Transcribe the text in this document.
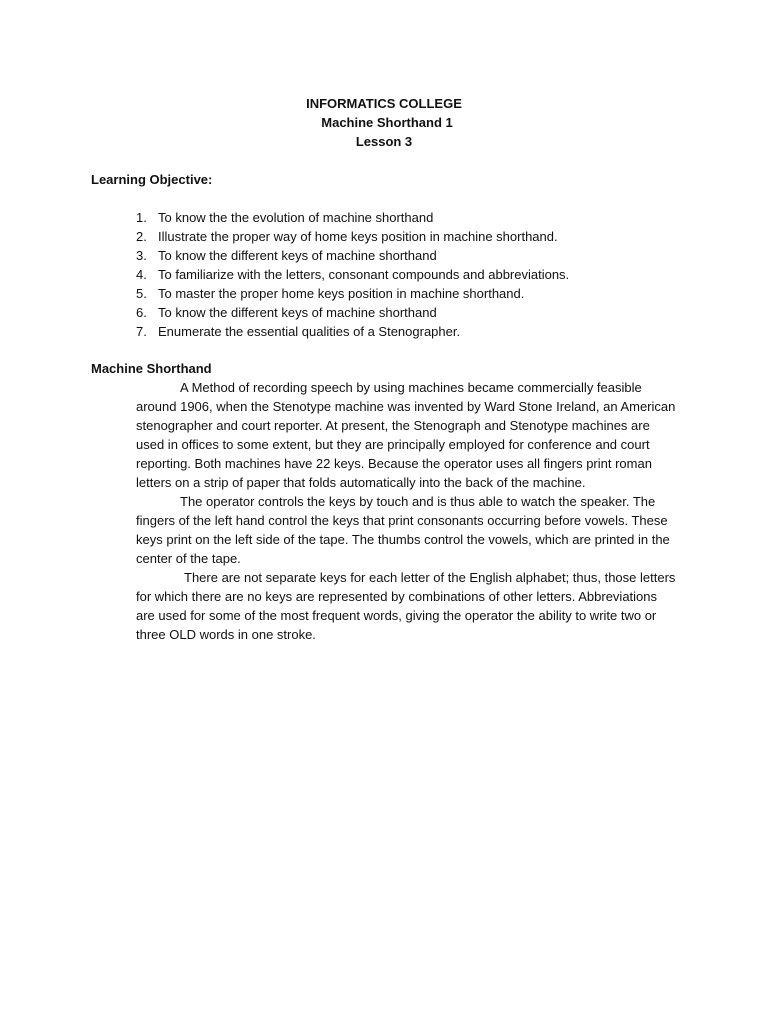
INFORMATICS COLLEGE
Machine Shorthand 1
Lesson 3
Learning Objective:
1. To know the the evolution of machine shorthand
2. Illustrate the proper way of home keys position in machine shorthand.
3. To know the different keys of machine shorthand
4. To familiarize with the letters, consonant compounds and abbreviations.
5. To master the proper home keys position in machine shorthand.
6. To know the different keys of machine shorthand
7. Enumerate the essential qualities of a Stenographer.
Machine Shorthand

A Method of recording speech by using machines became commercially feasible around 1906, when the Stenotype machine was invented by Ward Stone Ireland, an American stenographer and court reporter. At present, the Stenograph and Stenotype machines are used in offices to some extent, but they are principally employed for conference and court reporting. Both machines have 22 keys. Because the operator uses all fingers print roman letters on a strip of paper that folds automatically into the back of the machine.

The operator controls the keys by touch and is thus able to watch the speaker. The fingers of the left hand control the keys that print consonants occurring before vowels. These keys print on the left side of the tape. The thumbs control the vowels, which are printed in the center of the tape.

There are not separate keys for each letter of the English alphabet; thus, those letters for which there are no keys are represented by combinations of other letters. Abbreviations are used for some of the most frequent words, giving the operator the ability to write two or three OLD words in one stroke.
